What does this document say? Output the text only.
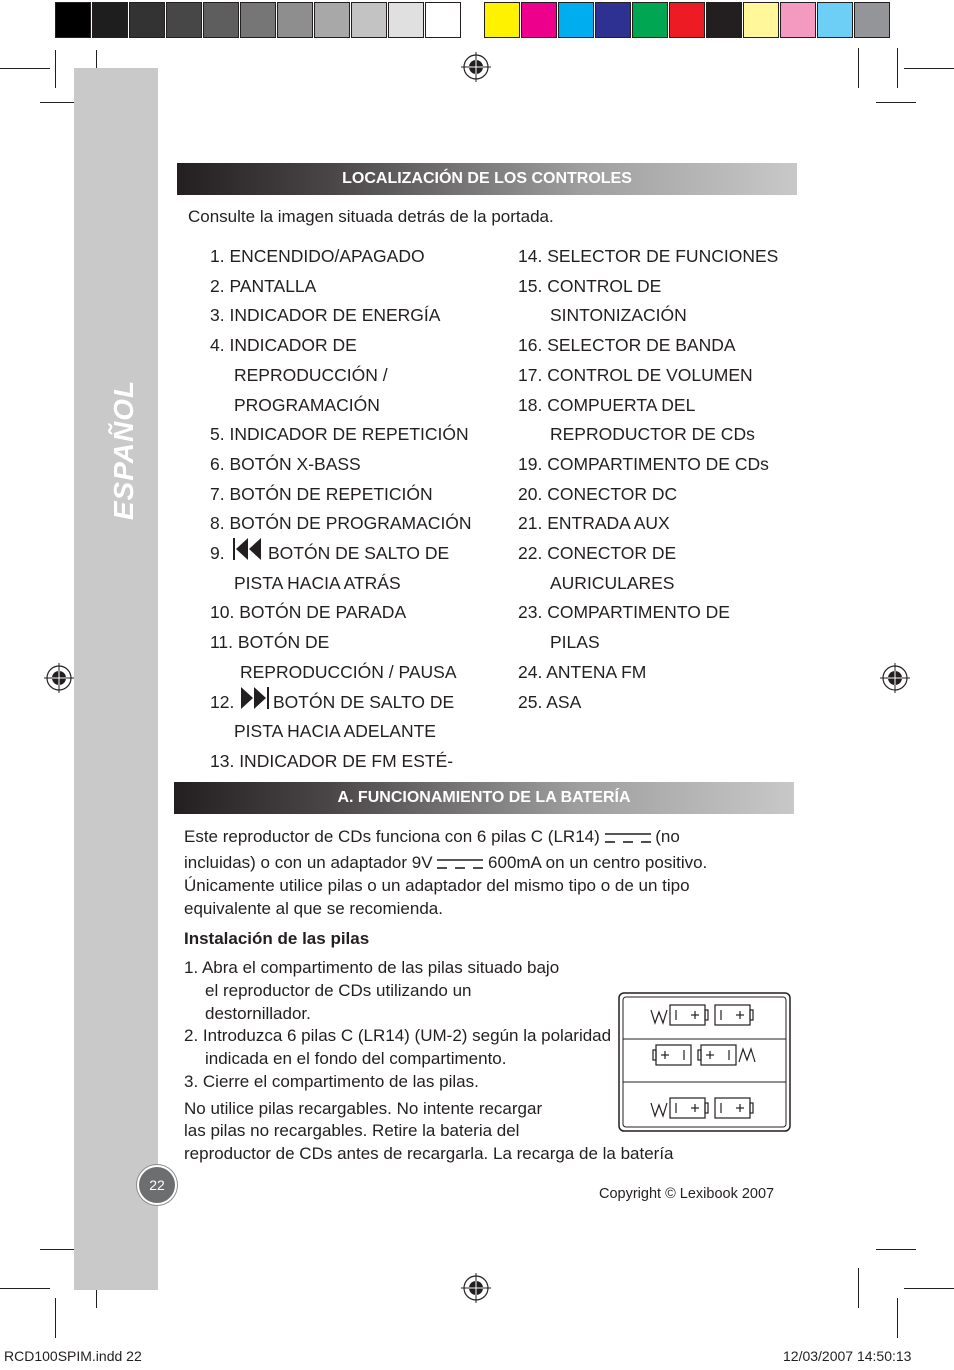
ESPAÑOL
LOCALIZACIÓN DE LOS CONTROLES
Consulte la imagen situada detrás de la portada.
1. ENCENDIDO/APAGADO
2. PANTALLA
3. INDICADOR DE ENERGÍA
4. INDICADOR DE
REPRODUCCIÓN /
PROGRAMACIÓN
5. INDICADOR DE REPETICIÓN
6. BOTÓN X-BASS
7. BOTÓN DE REPETICIÓN
8. BOTÓN DE PROGRAMACIÓN
9. BOTÓN DE SALTO DE
PISTA HACIA ATRÁS
10. BOTÓN DE PARADA
11. BOTÓN DE
REPRODUCCIÓN / PAUSA
12. BOTÓN DE SALTO DE
PISTA HACIA ADELANTE
13. INDICADOR DE FM ESTÉ-
14. SELECTOR DE FUNCIONES
15. CONTROL DE
SINTONIZACIÓN
16. SELECTOR DE BANDA
17. CONTROL DE VOLUMEN
18. COMPUERTA DEL
REPRODUCTOR DE CDs
19. COMPARTIMENTO DE CDs
20. CONECTOR DC
21. ENTRADA AUX
22. CONECTOR DE
AURICULARES
23. COMPARTIMENTO DE
PILAS
24. ANTENA FM
25. ASA
A. FUNCIONAMIENTO DE LA BATERÍA
Este reproductor de CDs funciona con 6 pilas C (LR14)	(no
incluidas) o con un adaptador 9V	600mA on un centro positivo.
Únicamente utilice pilas o un adaptador del mismo tipo o de un tipo
equivalente al que se recomienda.
Instalación de las pilas
1. Abra el compartimento de las pilas situado bajo
el reproductor de CDs utilizando un
destornillador.
2. Introduzca 6 pilas C (LR14) (UM-2) según la polaridad
indicada en el fondo del compartimento.
3. Cierre el compartimento de las pilas.
No utilice pilas recargables. No intente recargar
las pilas no recargables. Retire la bateria del
reproductor de CDs antes de recargarla. La recarga de la batería
22
Copyright © Lexibook 2007
RCD100SPIM.indd 22	12/03/2007 14:50:13
